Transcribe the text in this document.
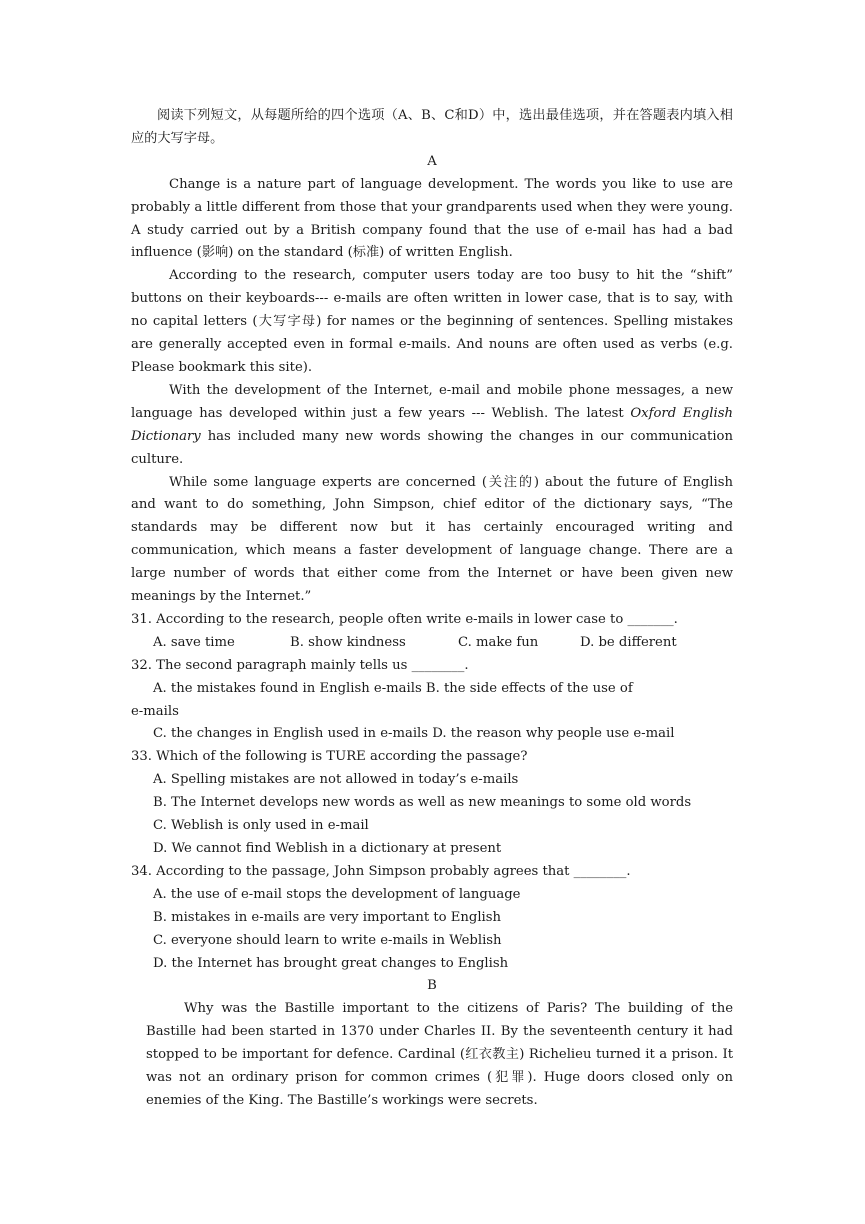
阅读下列短文，从每题所给的四个选项（A、B、C和D）中，选出最佳选项，并在答题表内填入相应的大写字母。

A

Change is a nature part of language development. The words you like to use are probably a little different from those that your grandparents used when they were young. A study carried out by a British company found that the use of e-mail has had a bad influence (影响) on the standard (标准) of written English.

According to the research, computer users today are too busy to hit the “shift” buttons on their keyboards--- e-mails are often written in lower case, that is to say, with no capital letters (大写字母) for names or the beginning of sentences. Spelling mistakes are generally accepted even in formal e-mails. And nouns are often used as verbs (e.g. Please bookmark this site).

With the development of the Internet, e-mail and mobile phone messages, a new language has developed within just a few years --- Weblish. The latest Oxford English Dictionary has included many new words showing the changes in our communication culture.

While some language experts are concerned (关注的) about the future of English and want to do something, John Simpson, chief editor of the dictionary says, “The standards may be different now but it has certainly encouraged writing and communication, which means a faster development of language change. There are a large number of words that either come from the Internet or have been given new meanings by the Internet.”

31. According to the research, people often write e-mails in lower case to _______.

A. save time	B. show kindness	C. make fun	D. be different

32. The second paragraph mainly tells us ________.

A. the mistakes found in English e-mails B. the side effects of the use of

e-mails

C. the changes in English used in e-mails D. the reason why people use e-mail

33. Which of the following is TURE according the passage?

A. Spelling mistakes are not allowed in today’s e-mails

B. The Internet develops new words as well as new meanings to some old words

C. Weblish is only used in e-mail

D. We cannot find Weblish in a dictionary at present

34. According to the passage, John Simpson probably agrees that ________.

A. the use of e-mail stops the development of language

B. mistakes in e-mails are very important to English

C. everyone should learn to write e-mails in Weblish

D. the Internet has brought great changes to English

B

Why was the Bastille important to the citizens of Paris? The building of the Bastille had been started in 1370 under Charles II. By the seventeenth century it had stopped to be important for defence. Cardinal (红衣教主) Richelieu turned it a prison. It was not an ordinary prison for common crimes (犯罪). Huge doors closed only on enemies of the King. The Bastille’s workings were secrets.
